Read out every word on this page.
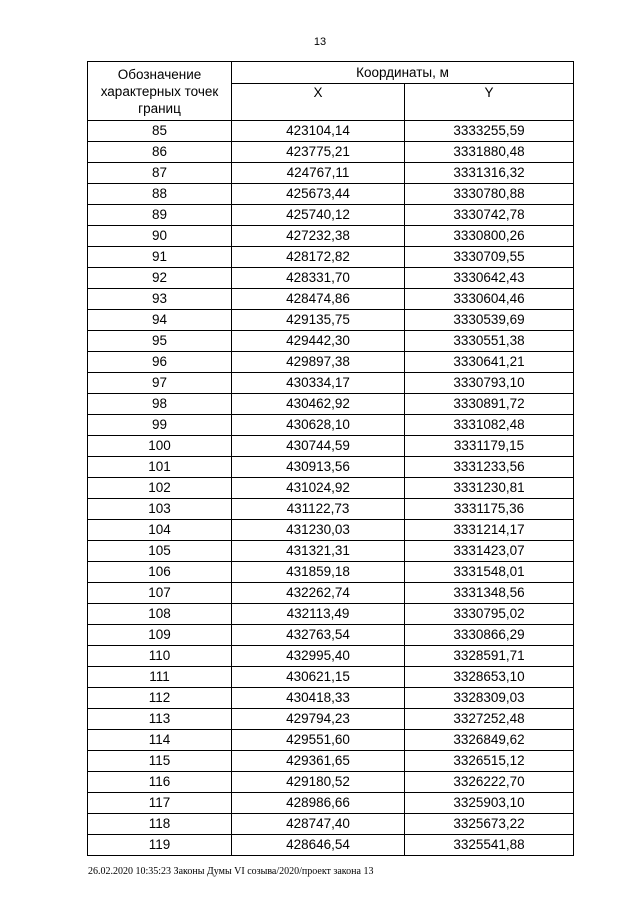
13
Обозначение характерных точек границ	Координаты, м	
	X	Y
85	423104,14	3333255,59
86	423775,21	3331880,48
87	424767,11	3331316,32
88	425673,44	3330780,88
89	425740,12	3330742,78
90	427232,38	3330800,26
91	428172,82	3330709,55
92	428331,70	3330642,43
93	428474,86	3330604,46
94	429135,75	3330539,69
95	429442,30	3330551,38
96	429897,38	3330641,21
97	430334,17	3330793,10
98	430462,92	3330891,72
99	430628,10	3331082,48
100	430744,59	3331179,15
101	430913,56	3331233,56
102	431024,92	3331230,81
103	431122,73	3331175,36
104	431230,03	3331214,17
105	431321,31	3331423,07
106	431859,18	3331548,01
107	432262,74	3331348,56
108	432113,49	3330795,02
109	432763,54	3330866,29
110	432995,40	3328591,71
111	430621,15	3328653,10
112	430418,33	3328309,03
113	429794,23	3327252,48
114	429551,60	3326849,62
115	429361,65	3326515,12
116	429180,52	3326222,70
117	428986,66	3325903,10
118	428747,40	3325673,22
119	428646,54	3325541,88
26.02.2020 10:35:23 Законы Думы VI созыва/2020/проект закона 13
